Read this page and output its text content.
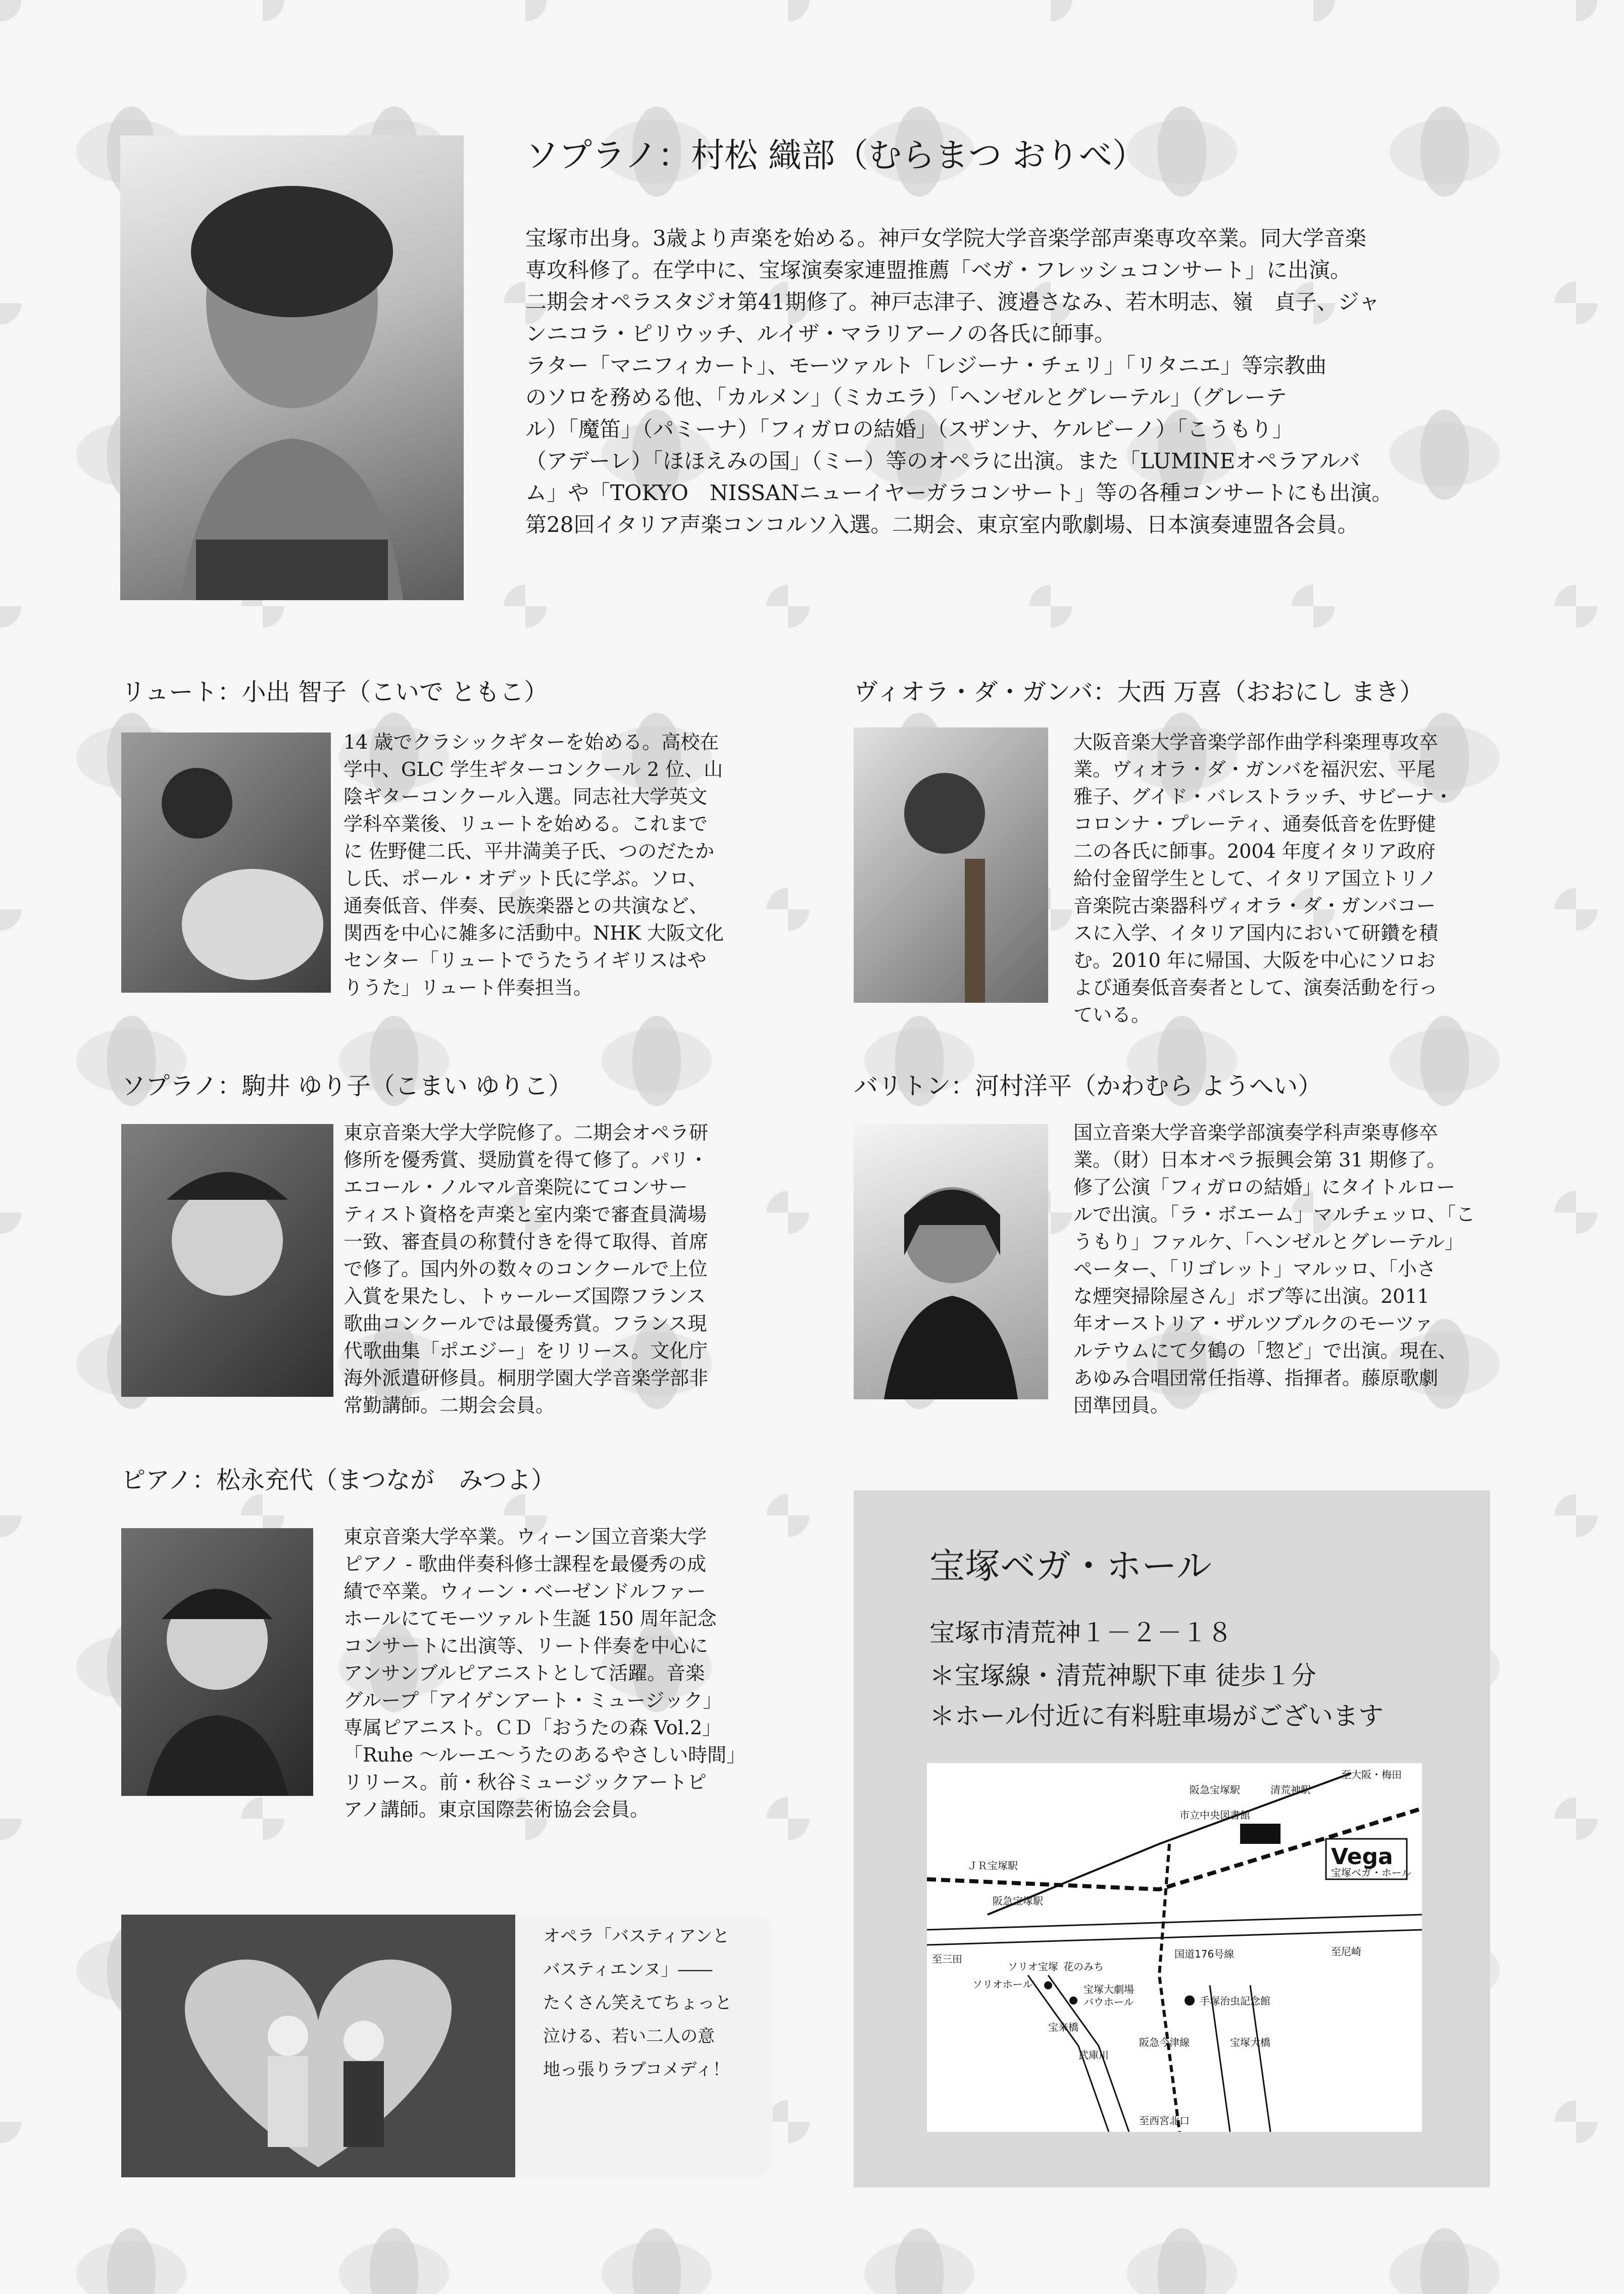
ソプラノ：村松 織部（むらまつ おりべ）
宝塚市出身。3歳より声楽を始める。神戸女学院大学音楽学部声楽専攻卒業。同大学音楽
専攻科修了。在学中に、宝塚演奏家連盟推薦「ベガ・フレッシュコンサート」に出演。
二期会オペラスタジオ第41期修了。神戸志津子、渡邉さなみ、若木明志、嶺　貞子、ジャ
ンニコラ・ピリウッチ、ルイザ・マラリアーノの各氏に師事。
ラター「マニフィカート」、モーツァルト「レジーナ・チェリ」「リタニエ」等宗教曲
のソロを務める他、「カルメン」（ミカエラ）「ヘンゼルとグレーテル」（グレーテ
ル）「魔笛」（パミーナ）「フィガロの結婚」（スザンナ、ケルビーノ）「こうもり」
（アデーレ）「ほほえみの国」（ミー）等のオペラに出演。また「LUMINEオペラアルバ
ム」や「TOKYO　NISSANニューイヤーガラコンサート」等の各種コンサートにも出演。
第28回イタリア声楽コンコルソ入選。二期会、東京室内歌劇場、日本演奏連盟各会員。
リュート：小出 智子（こいで ともこ）
14 歳でクラシックギターを始める。高校在
学中、GLC 学生ギターコンクール 2 位、山
陰ギターコンクール入選。同志社大学英文
学科卒業後、リュートを始める。これまで
に 佐野健二氏、平井満美子氏、つのだたか
し氏、ポール・オデット氏に学ぶ。ソロ、
通奏低音、伴奏、民族楽器との共演など、
関西を中心に雑多に活動中。NHK 大阪文化
センター「リュートでうたうイギリスはや
りうた」リュート伴奏担当。
ヴィオラ・ダ・ガンバ：大西 万喜（おおにし まき）
大阪音楽大学音楽学部作曲学科楽理専攻卒
業。ヴィオラ・ダ・ガンバを福沢宏、平尾
雅子、グイド・バレストラッチ、サビーナ・
コロンナ・プレーティ、通奏低音を佐野健
二の各氏に師事。2004 年度イタリア政府
給付金留学生として、イタリア国立トリノ
音楽院古楽器科ヴィオラ・ダ・ガンバコー
スに入学、イタリア国内において研鑽を積
む。2010 年に帰国、大阪を中心にソロお
よび通奏低音奏者として、演奏活動を行っ
ている。
ソプラノ：駒井 ゆり子（こまい ゆりこ）
東京音楽大学大学院修了。二期会オペラ研
修所を優秀賞、奨励賞を得て修了。パリ・
エコール・ノルマル音楽院にてコンサー
ティスト資格を声楽と室内楽で審査員満場
一致、審査員の称賛付きを得て取得、首席
で修了。国内外の数々のコンクールで上位
入賞を果たし、トゥールーズ国際フランス
歌曲コンクールでは最優秀賞。フランス現
代歌曲集「ポエジー」をリリース。文化庁
海外派遣研修員。桐朋学園大学音楽学部非
常勤講師。二期会会員。
バリトン：河村洋平（かわむら ようへい）
国立音楽大学音楽学部演奏学科声楽専修卒
業。（財）日本オペラ振興会第 31 期修了。
修了公演「フィガロの結婚」にタイトルロー
ルで出演。「ラ・ボエーム」マルチェッロ、「こ
うもり」ファルケ、「ヘンゼルとグレーテル」
ペーター、「リゴレット」マルッロ、「小さ
な煙突掃除屋さん」ボブ等に出演。2011
年オーストリア・ザルツブルクのモーツァ
ルテウムにて夕鶴の「惣ど」で出演。現在、
あゆみ合唱団常任指導、指揮者。藤原歌劇
団準団員。
ピアノ：松永充代（まつなが　みつよ）
東京音楽大学卒業。ウィーン国立音楽大学
ピアノ - 歌曲伴奏科修士課程を最優秀の成
績で卒業。ウィーン・ベーゼンドルファー
ホールにてモーツァルト生誕 150 周年記念
コンサートに出演等、リート伴奏を中心に
アンサンブルピアニストとして活躍。音楽
グループ「アイゲンアート・ミュージック」
専属ピアニスト。ＣＤ「おうたの森 Vol.2」
「Ruhe ～ルーエ～うたのあるやさしい時間」
リリース。前・秋谷ミュージックアートピ
アノ講師。東京国際芸術協会会員。
オペラ「バスティアンと
バスティエンヌ」――
たくさん笑えてちょっと
泣ける、若い二人の意
地っ張りラブコメディ！
宝塚ベガ・ホール
宝塚市清荒神１－２－１８
＊宝塚線・清荒神駅下車 徒歩１分
＊ホール付近に有料駐車場がございます
至大阪・梅田
阪急宝塚駅	清荒神駅
市立中央図書館
ＪＲ宝塚駅	Vega
宝塚ベガ・ホール
阪急宝塚駅
至三田	国道176号線	至尼崎
ソリオ宝塚 花のみち
ソリオホール	宝塚大劇場
バウホール	手塚治虫記念館
宝来橋
武庫川
阪急今津線	宝塚大橋
至西宮北口
